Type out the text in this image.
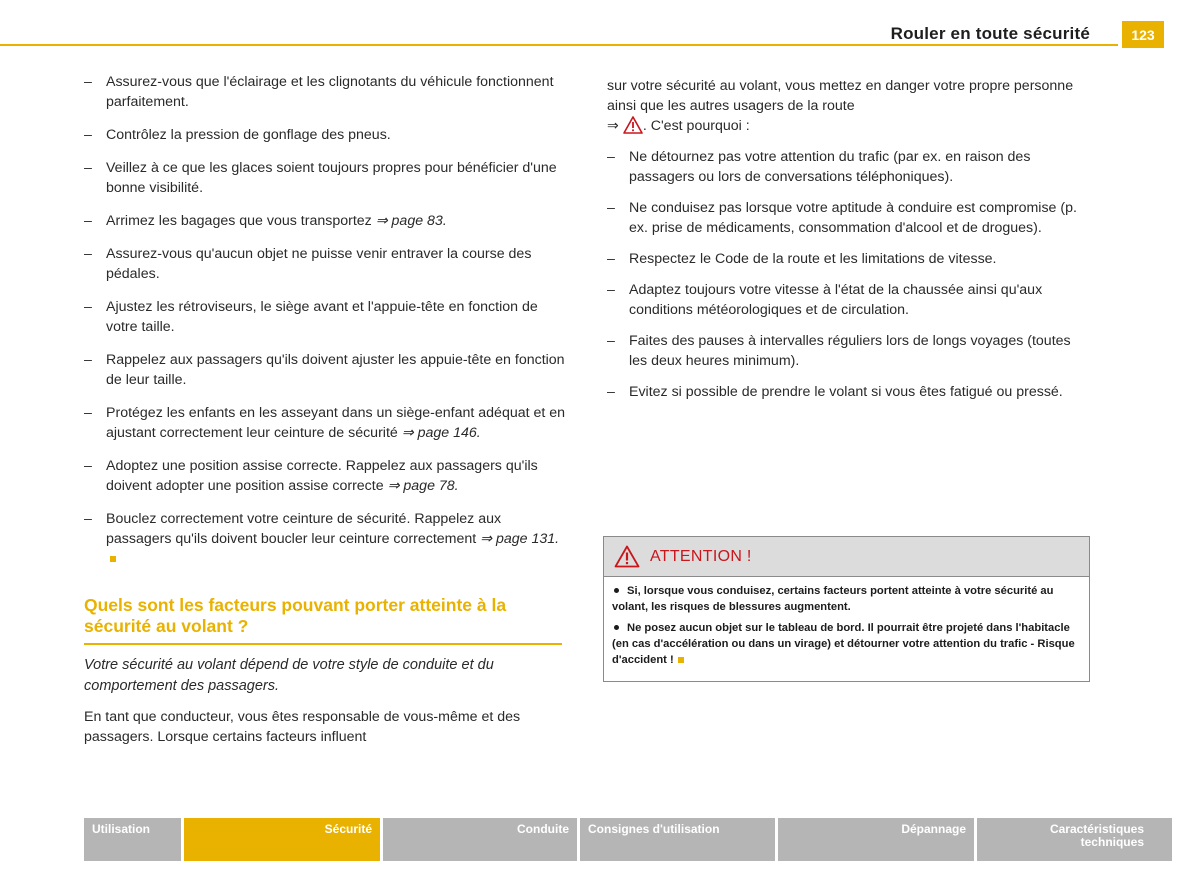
Rouler en toute sécurité	123
– Assurez-vous que l'éclairage et les clignotants du véhicule fonctionnent parfaitement.
– Contrôlez la pression de gonflage des pneus.
– Veillez à ce que les glaces soient toujours propres pour bénéficier d'une bonne visibilité.
– Arrimez les bagages que vous transportez ⇒ page 83.
– Assurez-vous qu'aucun objet ne puisse venir entraver la course des pédales.
– Ajustez les rétroviseurs, le siège avant et l'appuie-tête en fonction de votre taille.
– Rappelez aux passagers qu'ils doivent ajuster les appuie-tête en fonction de leur taille.
– Protégez les enfants en les asseyant dans un siège-enfant adéquat et en ajustant correctement leur ceinture de sécurité ⇒ page 146.
– Adoptez une position assise correcte. Rappelez aux passagers qu'ils doivent adopter une position assise correcte ⇒ page 78.
– Bouclez correctement votre ceinture de sécurité. Rappelez aux passagers qu'ils doivent boucler leur ceinture correctement ⇒ page 131.
Quels sont les facteurs pouvant porter atteinte à la sécurité au volant ?

Votre sécurité au volant dépend de votre style de conduite et du comportement des passagers.

En tant que conducteur, vous êtes responsable de vous-même et des passagers. Lorsque certains facteurs influent

sur votre sécurité au volant, vous mettez en danger votre propre personne ainsi que les autres usagers de la route
⇒ . C'est pourquoi :

– Ne détournez pas votre attention du trafic (par ex. en raison des passagers ou lors de conversations téléphoniques).
– Ne conduisez pas lorsque votre aptitude à conduire est compromise (p. ex. prise de médicaments, consommation d'alcool et de drogues).
– Respectez le Code de la route et les limitations de vitesse.
– Adaptez toujours votre vitesse à l'état de la chaussée ainsi qu'aux conditions météorologiques et de circulation.
– Faites des pauses à intervalles réguliers lors de longs voyages (toutes les deux heures minimum).
– Evitez si possible de prendre le volant si vous êtes fatigué ou pressé.
ATTENTION !

Si, lorsque vous conduisez, certains facteurs portent atteinte à votre sécurité au volant, les risques de blessures augmentent.

Ne posez aucun objet sur le tableau de bord. Il pourrait être projeté dans l'habitacle (en cas d'accélération ou dans un virage) et détourner votre attention du trafic - Risque d'accident !

Utilisation	Sécurité	Conduite	Consignes d'utilisation	Dépannage	Caractéristiques techniques
